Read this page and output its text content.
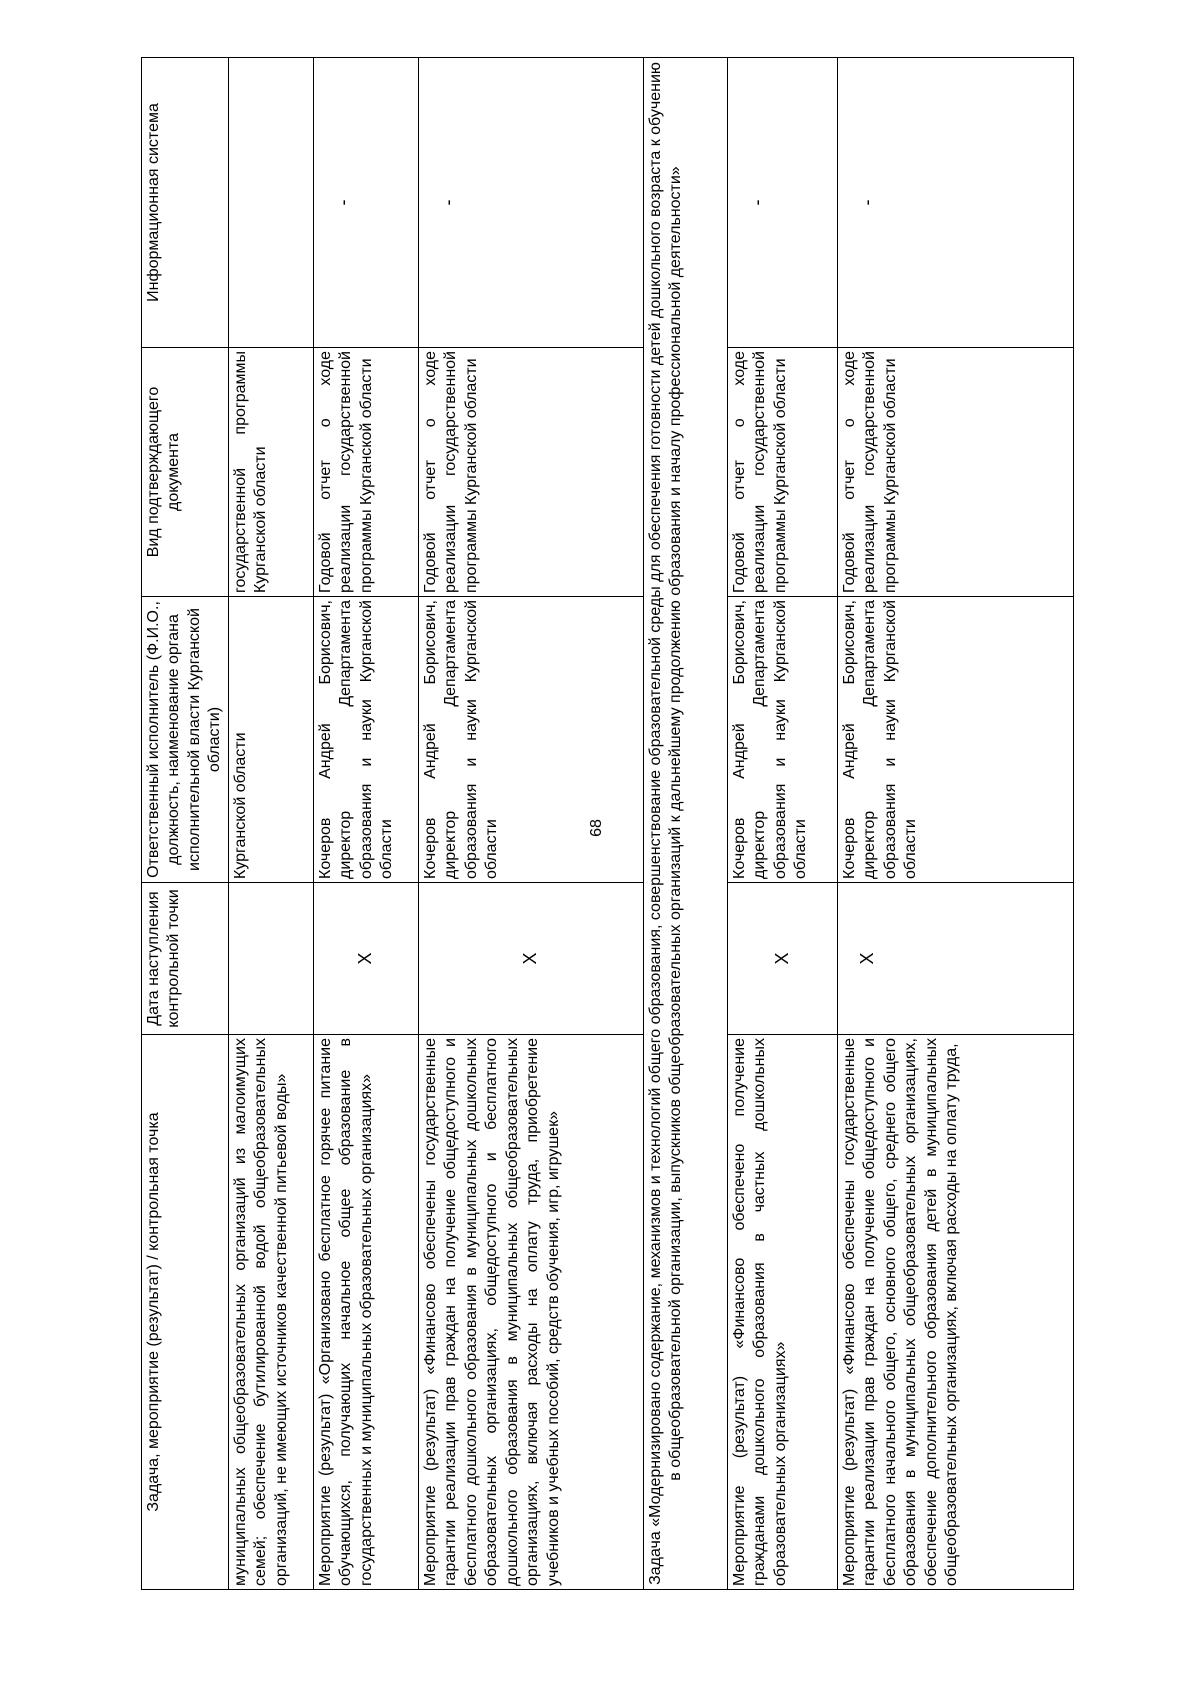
68
Задача, мероприятие (результат) / контрольная точка	Дата наступления контрольной точки	Ответственный исполнитель (Ф.И.О., должность, наименование органа исполнительной власти Курганской области)	Вид подтверждающего документа	Информационная система
муниципальных общеобразовательных организаций из малоимущих семей; обеспечение бутилированной водой общеобразовательных организаций, не имеющих источников качественной питьевой воды»		Курганской области	государственной программы Курганской области	
Мероприятие (результат) «Организовано бесплатное горячее питание обучающихся, получающих начальное общее образование в государственных и муниципальных образовательных организациях»	X	Кочеров Андрей Борисович, директор Департамента образования и науки Курганской области	Годовой отчет о ходе реализации государственной программы Курганской области	-
Мероприятие (результат) «Финансово обеспечены государственные гарантии реализации прав граждан на получение общедоступного и бесплатного дошкольного образования в муниципальных дошкольных образовательных организациях, общедоступного и бесплатного дошкольного образования в муниципальных общеобразовательных организациях, включая расходы на оплату труда, приобретение учебников и учебных пособий, средств обучения, игр, игрушек»	X	Кочеров Андрей Борисович, директор Департамента образования и науки Курганской области	Годовой отчет о ходе реализации государственной программы Курганской области	-
Задача «Модернизировано содержание, механизмов и технологий общего образования, совершенствование образовательной среды для обеспечения готовности детей дошкольного возраста к обучению в общеобразовательной организации, выпускников общеобразовательных организаций к дальнейшему продолжению образования и началу профессиональной деятельности»				
Мероприятие (результат) «Финансово обеспечено получение гражданами дошкольного образования в частных дошкольных образовательных организациях»	X	Кочеров Андрей Борисович, директор Департамента образования и науки Курганской области	Годовой отчет о ходе реализации государственной программы Курганской области	-
Мероприятие (результат) «Финансово обеспечены государственные гарантии реализации прав граждан на получение общедоступного и бесплатного начального общего, основного общего, среднего общего образования в муниципальных общеобразовательных организациях, обеспечение дополнительного образования детей в муниципальных общеобразовательных организациях, включая расходы на оплату труда,	X	Кочеров Андрей Борисович, директор Департамента образования и науки Курганской области	Годовой отчет о ходе реализации государственной программы Курганской области	-
